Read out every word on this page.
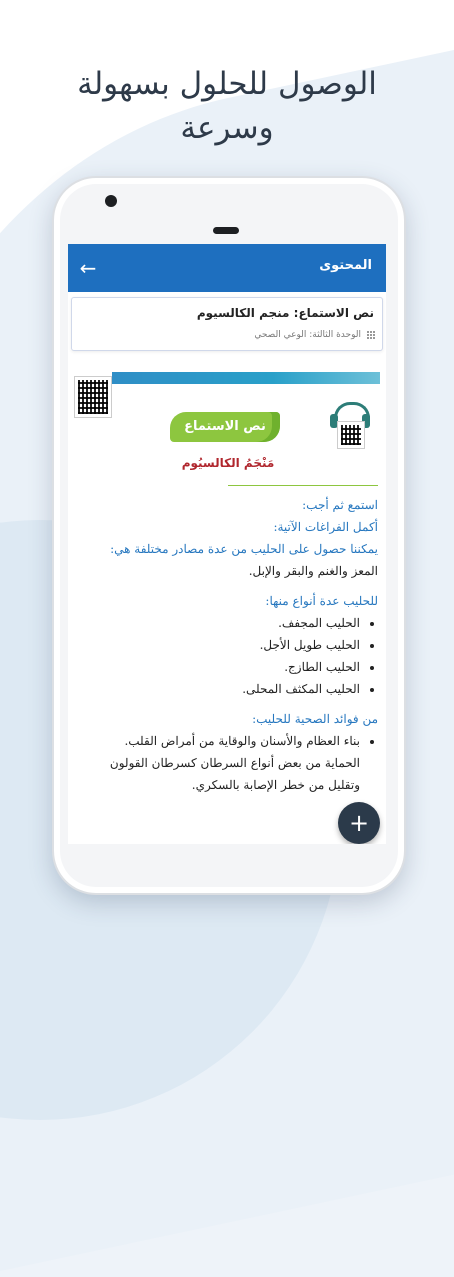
الوصول للحلول بسهولة
وسرعة
←	المحتوى
نص الاستماع: منجم الكالسيوم
الوحدة الثالثة: الوعي الصحي
نص الاستماع
مَنْجَمُ الكالسيُوم

استمع ثم أجب:

أكمل الفراغات الآتية:

يمكننا حصول على الحليب من عدة مصادر مختلفة هي:

المعز والغنم والبقر والإبل.

للحليب عدة أنواع منها:

• الحليب المجفف.
• الحليب طويل الأجل.
• الحليب الطازج.
• الحليب المكثف المحلى.

من فوائد الصحية للحليب:

• بناء العظام والأسنان والوقاية من أمراض القلب.
الحماية من بعض أنواع السرطان كسرطان القولون
وتقليل من خطر الإصابة بالسكري.
+
